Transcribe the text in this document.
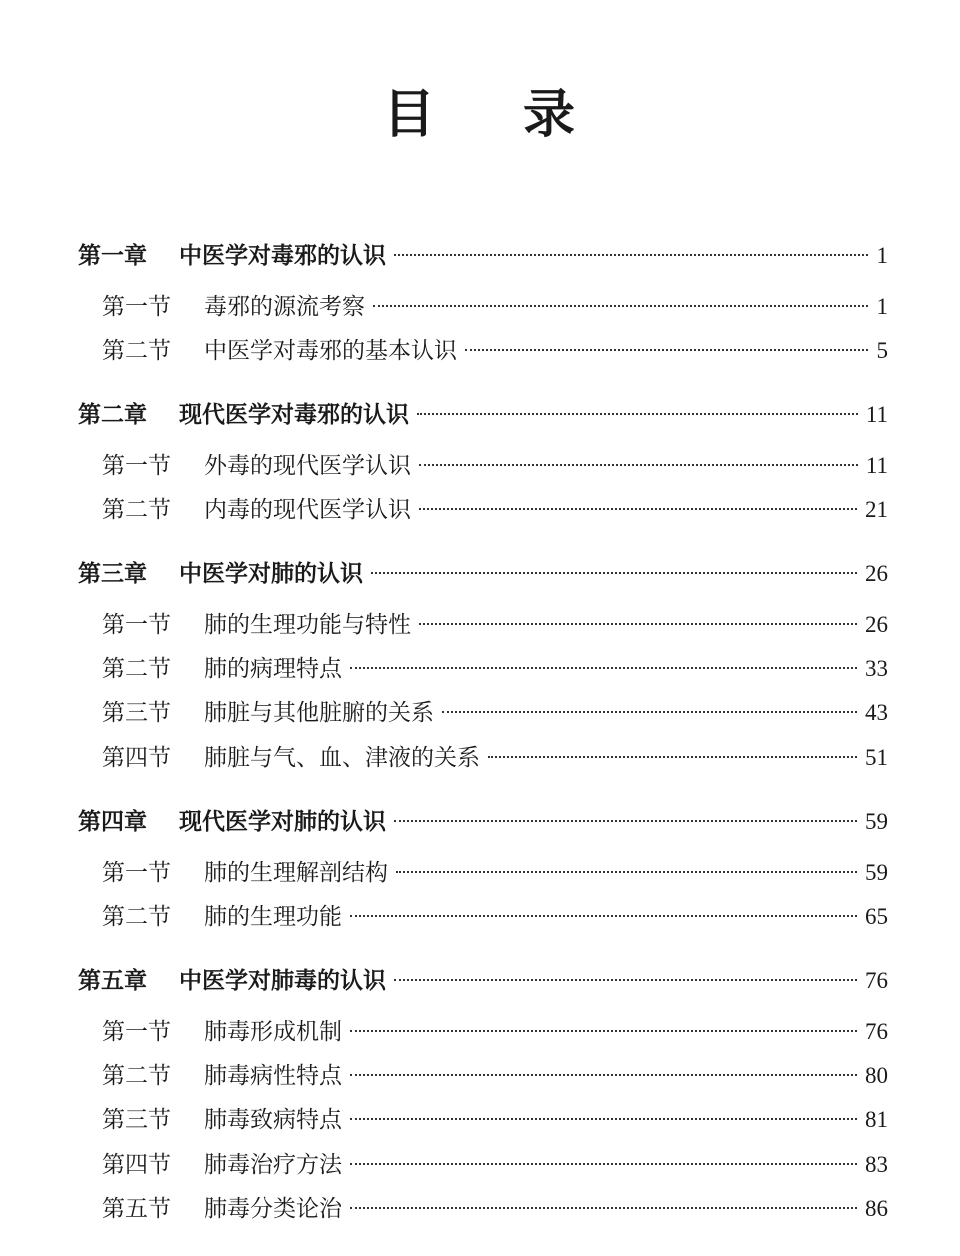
目 录
第一章	中医学对毒邪的认识	1
第一节	毒邪的源流考察	1
第二节	中医学对毒邪的基本认识	5
第二章	现代医学对毒邪的认识	11
第一节	外毒的现代医学认识	11
第二节	内毒的现代医学认识	21
第三章	中医学对肺的认识	26
第一节	肺的生理功能与特性	26
第二节	肺的病理特点	33
第三节	肺脏与其他脏腑的关系	43
第四节	肺脏与气、血、津液的关系	51
第四章	现代医学对肺的认识	59
第一节	肺的生理解剖结构	59
第二节	肺的生理功能	65
第五章	中医学对肺毒的认识	76
第一节	肺毒形成机制	76
第二节	肺毒病性特点	80
第三节	肺毒致病特点	81
第四节	肺毒治疗方法	83
第五节	肺毒分类论治	86
